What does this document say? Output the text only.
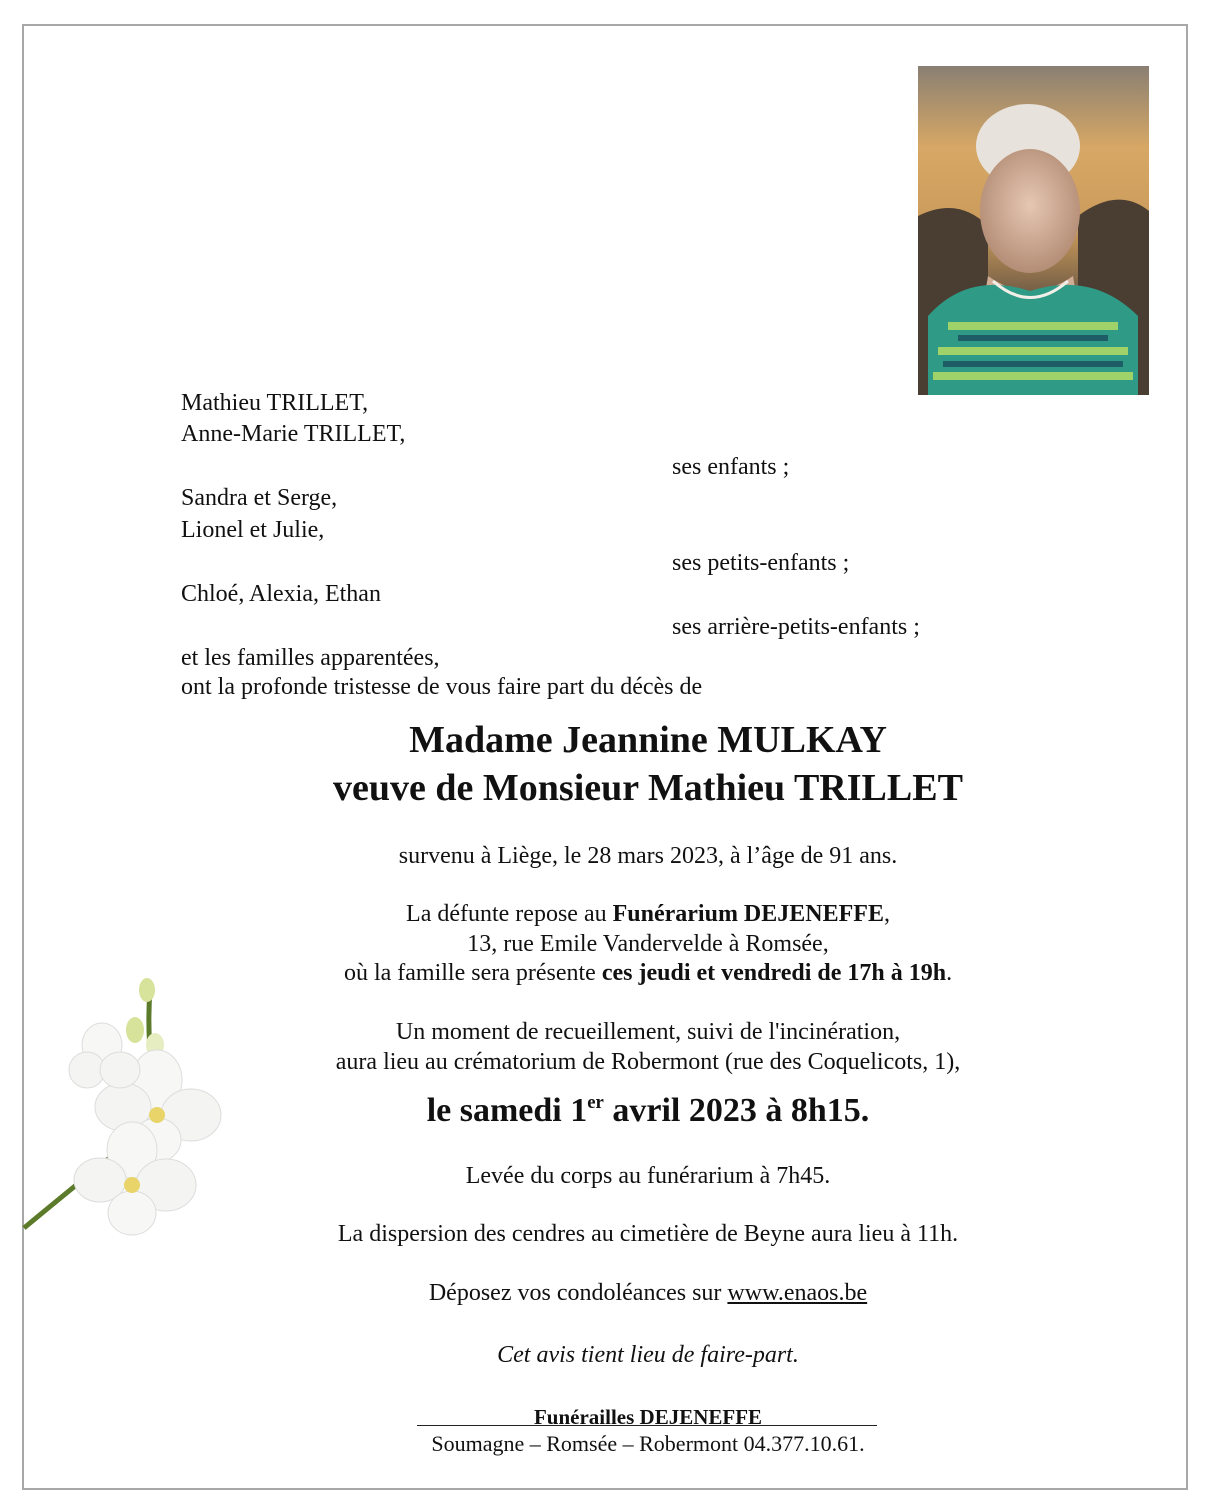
Mathieu TRILLET,
Anne-Marie TRILLET,
ses enfants ;
Sandra et Serge,
Lionel et Julie,
ses petits-enfants ;
Chloé, Alexia, Ethan
ses arrière-petits-enfants ;
et les familles apparentées,
ont la profonde tristesse de vous faire part du décès de
Madame Jeannine MULKAY
veuve de Monsieur Mathieu TRILLET
survenu à Liège, le 28 mars 2023, à l’âge de 91 ans.
La défunte repose au Funérarium DEJENEFFE,
13, rue Emile Vandervelde à Romsée,
où la famille sera présente ces jeudi et vendredi de 17h à 19h.
Un moment de recueillement, suivi de l'incinération,
aura lieu au crématorium de Robermont (rue des Coquelicots, 1),
le samedi 1er avril 2023 à 8h15.
Levée du corps au funérarium à 7h45.
La dispersion des cendres au cimetière de Beyne aura lieu à 11h.
Déposez vos condoléances sur www.enaos.be
Cet avis tient lieu de faire-part.
Funérailles DEJENEFFE
Soumagne – Romsée – Robermont 04.377.10.61.
